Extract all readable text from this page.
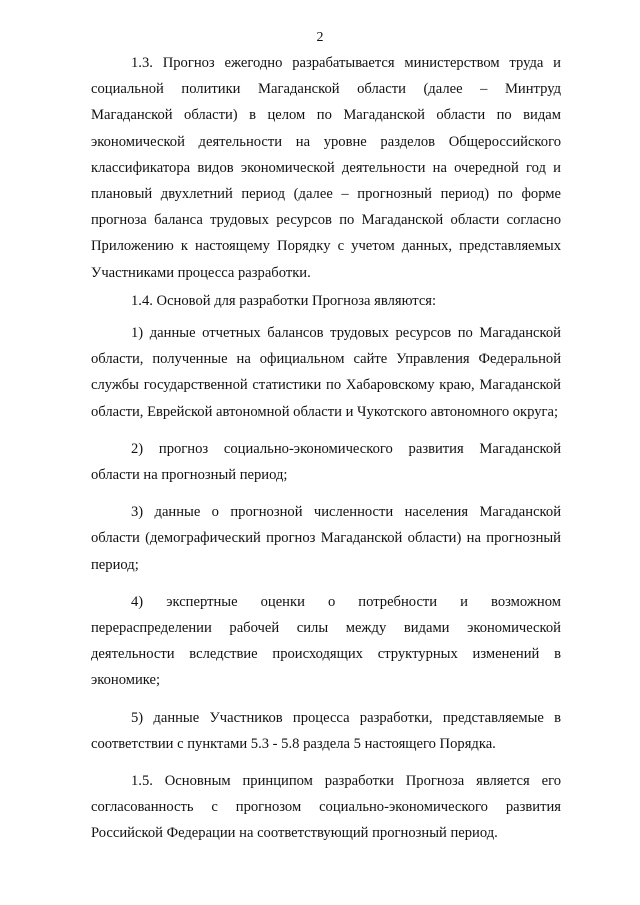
2

1.3. Прогноз ежегодно разрабатывается министерством труда и социальной политики Магаданской области (далее – Минтруд Магаданской области) в целом по Магаданской области по видам экономической деятельности на уровне разделов Общероссийского классификатора видов экономической деятельности на очередной год и плановый двухлетний период (далее – прогнозный период) по форме прогноза баланса трудовых ресурсов по Магаданской области согласно Приложению к настоящему Порядку с учетом данных, представляемых Участниками процесса разработки.

1.4. Основой для разработки Прогноза являются:

1) данные отчетных балансов трудовых ресурсов по Магаданской области, полученные на официальном сайте Управления Федеральной службы государственной статистики по Хабаровскому краю, Магаданской области, Еврейской автономной области и Чукотского автономного округа;

2) прогноз социально-экономического развития Магаданской области на прогнозный период;

3) данные о прогнозной численности населения Магаданской области (демографический прогноз Магаданской области) на прогнозный период;

4) экспертные оценки о потребности и возможном перераспределении рабочей силы между видами экономической деятельности вследствие происходящих структурных изменений в экономике;

5) данные Участников процесса разработки, представляемые в соответствии с пунктами 5.3 - 5.8 раздела 5 настоящего Порядка.

1.5. Основным принципом разработки Прогноза является его согласованность с прогнозом социально-экономического развития Российской Федерации на соответствующий прогнозный период.
